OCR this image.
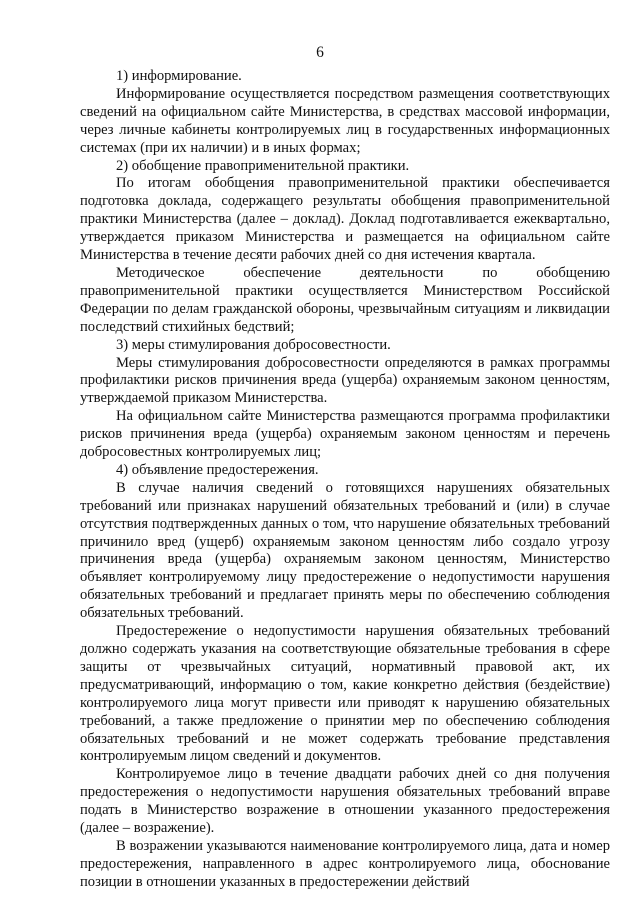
6

1) информирование.

Информирование осуществляется посредством размещения соответствующих сведений на официальном сайте Министерства, в средствах массовой информации, через личные кабинеты контролируемых лиц в государственных информационных системах (при их наличии) и в иных формах;

2) обобщение правоприменительной практики.

По итогам обобщения правоприменительной практики обеспечивается подготовка доклада, содержащего результаты обобщения правоприменительной практики Министерства (далее – доклад). Доклад подготавливается ежеквартально, утверждается приказом Министерства и размещается на официальном сайте Министерства в течение десяти рабочих дней со дня истечения квартала.

Методическое обеспечение деятельности по обобщению правоприменительной практики осуществляется Министерством Российской Федерации по делам гражданской обороны, чрезвычайным ситуациям и ликвидации последствий стихийных бедствий;

3) меры стимулирования добросовестности.

Меры стимулирования добросовестности определяются в рамках программы профилактики рисков причинения вреда (ущерба) охраняемым законом ценностям, утверждаемой приказом Министерства.

На официальном сайте Министерства размещаются программа профилактики рисков причинения вреда (ущерба) охраняемым законом ценностям и перечень добросовестных контролируемых лиц;

4) объявление предостережения.

В случае наличия сведений о готовящихся нарушениях обязательных требований или признаках нарушений обязательных требований и (или) в случае отсутствия подтвержденных данных о том, что нарушение обязательных требований причинило вред (ущерб) охраняемым законом ценностям либо создало угрозу причинения вреда (ущерба) охраняемым законом ценностям, Министерство объявляет контролируемому лицу предостережение о недопустимости нарушения обязательных требований и предлагает принять меры по обеспечению соблюдения обязательных требований.

Предостережение о недопустимости нарушения обязательных требований должно содержать указания на соответствующие обязательные требования в сфере защиты от чрезвычайных ситуаций, нормативный правовой акт, их предусматривающий, информацию о том, какие конкретно действия (бездействие) контролируемого лица могут привести или приводят к нарушению обязательных требований, а также предложение о принятии мер по обеспечению соблюдения обязательных требований и не может содержать требование представления контролируемым лицом сведений и документов.

Контролируемое лицо в течение двадцати рабочих дней со дня получения предостережения о недопустимости нарушения обязательных требований вправе подать в Министерство возражение в отношении указанного предостережения (далее – возражение).

В возражении указываются наименование контролируемого лица, дата и номер предостережения, направленного в адрес контролируемого лица, обоснование позиции в отношении указанных в предостережении действий
